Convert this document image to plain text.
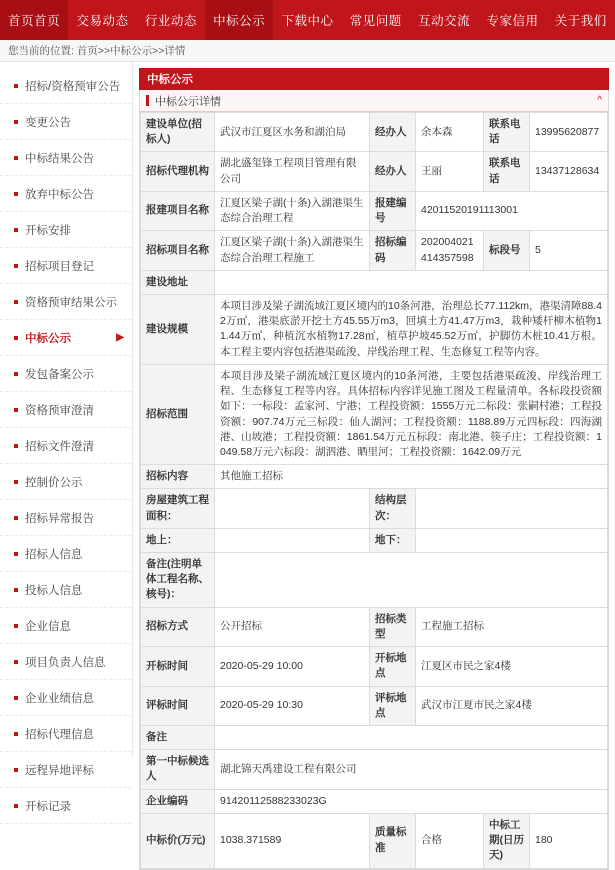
首页首页 交易动态 行业动态 中标公示 下载中心 常见问题 互动交流 专家信用 关于我们
您当前的位置: 首页>>中标公示>>详情
招标/资格预审公告
变更公告
中标结果公告
放弃中标公告
开标安排
招标项目登记
资格预审结果公示
中标公示	▶
发包备案公示
资格预审澄清
招标文件澄清
控制价公示
招标异常报告
招标人信息
投标人信息
企业信息
项目负责人信息
企业业绩信息
招标代理信息
远程异地评标
开标记录
中标公示
中标公示详情	^
建设单位(招标人)	武汉市江夏区水务和湖泊局	经办人	余本森	联系电话	13995620877
招标代理机构	湖北盛玺锋工程项目管理有限公司	经办人	王丽	联系电话	13437128634
报建项目名称	江夏区梁子湖(十条)入湖港渠生态综合治理工程	报建编号	42011520191113001		
招标项目名称	江夏区梁子湖(十条)入湖港渠生态综合治理工程施工	招标编码	202004021414357598	标段号	5
建设地址					
建设规模	本项目涉及梁子湖流域江夏区境内的10条河港，治理总长77.112km，港渠清障88.42万㎡，港渠底淤开挖土方45.55万m3，回填土方41.47万m3，栽种矮杆柳木植物11.44万㎡，种植沉水植物17.28㎡，植草护坡45.52万㎡，护脚仿木桩10.41万根。本工程主要内容包括港渠疏浚、岸线治理工程、生态修复工程等内容。				
招标范围	本项目涉及梁子湖流域江夏区境内的10条河港，主要包括港渠疏浚、岸线治理工程、生态修复工程等内容。具体招标内容详见施工图及工程量清单。各标段投资额如下：一标段：孟家河、宁港；工程投资额：1555万元二标段：张嗣村港；工程投资额：907.74万元三标段：仙人湖河；工程投资额：1188.89万元四标段：四海湖港、山坡港；工程投资额：1861.54万元五标段：南北港、筷子庄；工程投资额：1049.58万元六标段：湖泗港、晒里河；工程投资额：1642.09万元				
招标内容	其他施工招标				
房屋建筑工程面积：		结构层次：			
地上：		地下：			
备注(注明单体工程名称、核号)：					
招标方式	公开招标	招标类型	工程施工招标		
开标时间	2020-05-29 10:00	开标地点	江夏区市民之家4楼		
评标时间	2020-05-29 10:30	评标地点	武汉市江夏市民之家4楼		
备注					
第一中标候选人	湖北锦天禹建设工程有限公司				
企业编码	91420112588233023G				
中标价(万元)	1038.371589	质量标准	合格	中标工期(日历天)	180
